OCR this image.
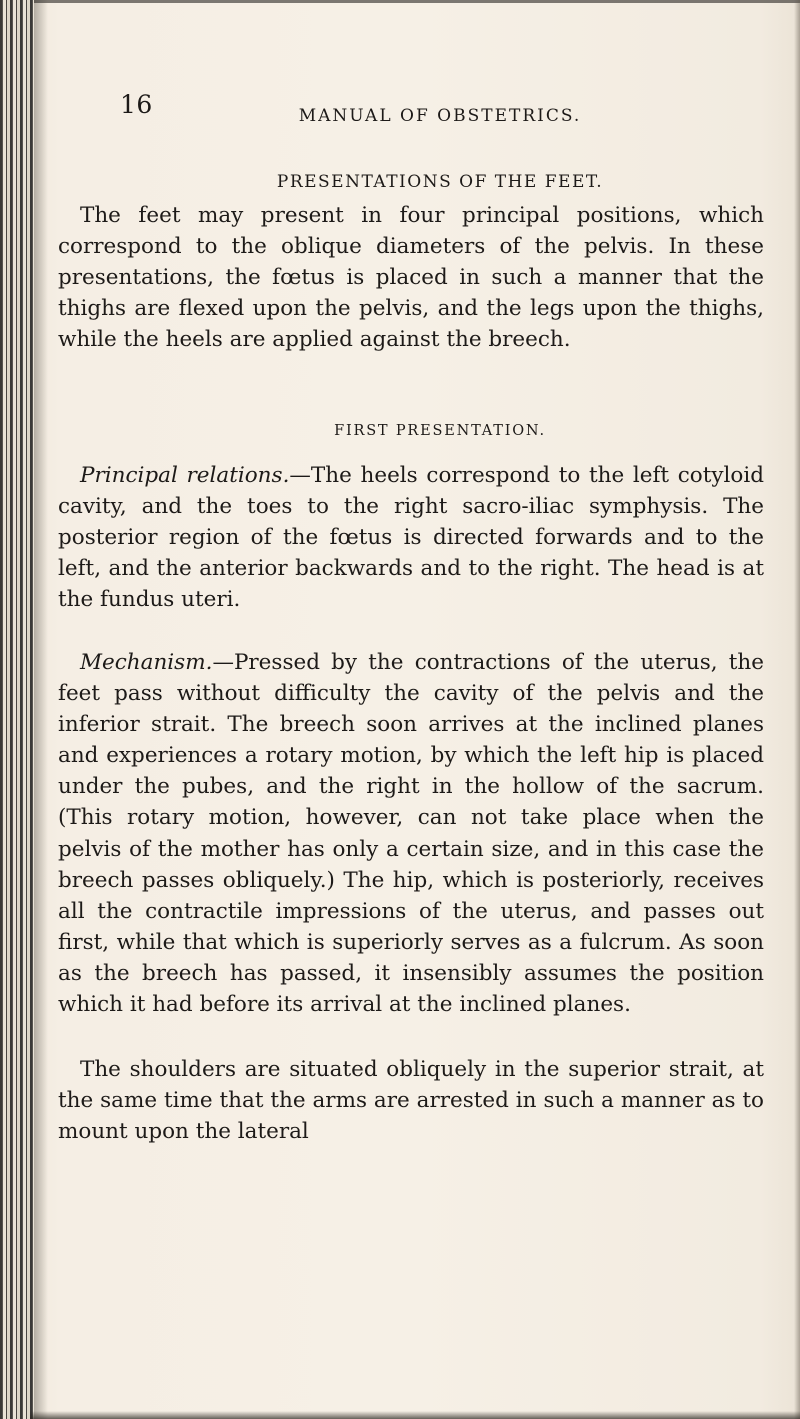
16	MANUAL OF OBSTETRICS.
PRESENTATIONS OF THE FEET.

The feet may present in four principal positions, which correspond to the oblique diameters of the pelvis. In these presentations, the fœtus is placed in such a manner that the thighs are flexed upon the pelvis, and the legs upon the thighs, while the heels are applied against the breech.

FIRST PRESENTATION.

Principal relations.—The heels correspond to the left cotyloid cavity, and the toes to the right sacro-iliac symphysis. The posterior region of the fœtus is directed forwards and to the left, and the anterior backwards and to the right. The head is at the fundus uteri.

Mechanism.—Pressed by the contractions of the uterus, the feet pass without difficulty the cavity of the pelvis and the inferior strait. The breech soon arrives at the inclined planes and experiences a rotary motion, by which the left hip is placed under the pubes, and the right in the hollow of the sacrum. (This rotary motion, however, can not take place when the pelvis of the mother has only a certain size, and in this case the breech passes obliquely.) The hip, which is posteriorly, receives all the contractile impressions of the uterus, and passes out first, while that which is superiorly serves as a fulcrum. As soon as the breech has passed, it insensibly assumes the position which it had before its arrival at the inclined planes.

The shoulders are situated obliquely in the superior strait, at the same time that the arms are arrested in such a manner as to mount upon the lateral
